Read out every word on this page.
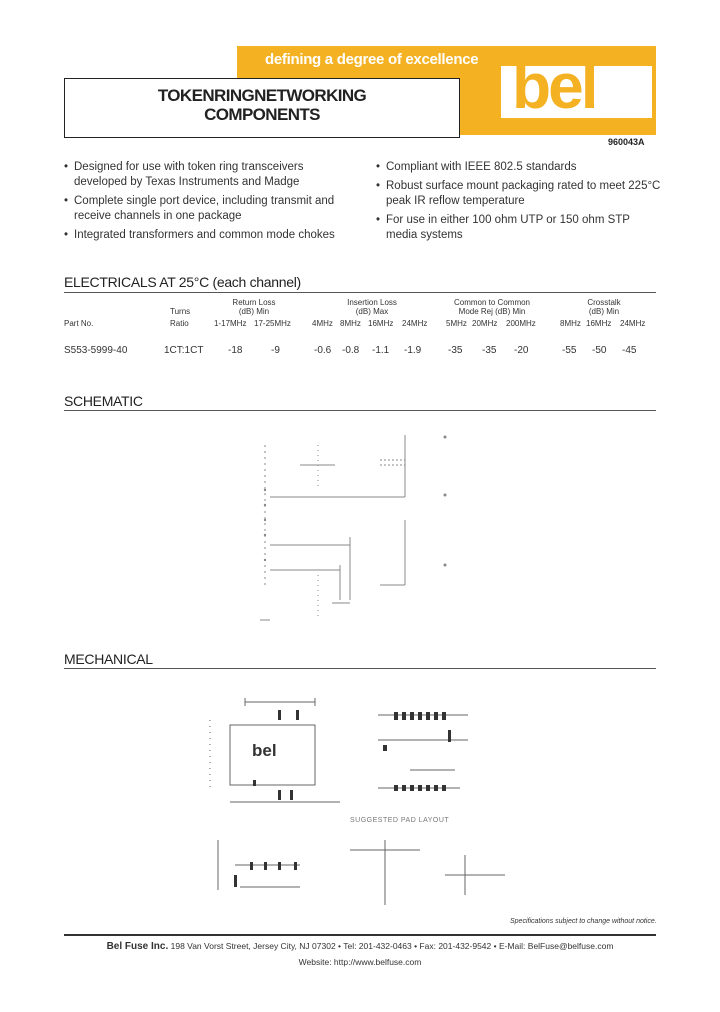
defining a degree of excellence bel
TOKENRINGNETWORKING
COMPONENTS
960043A
• Designed for use with token ring transceivers developed by Texas Instruments and Madge
• Complete single port device, including transmit and receive channels in one package
• Integrated transformers and common mode chokes
• Compliant with IEEE 802.5 standards
• Robust surface mount packaging rated to meet 225°C peak IR reflow temperature
• For use in either 100 ohm UTP or 150 ohm STP media systems
ELECTRICALS AT 25°C (each channel)
Return Loss
(dB) Min
Insertion Loss
(dB) Max
Common to Common
Mode Rej (dB) Min
Crosstalk
(dB) Min
Turns
Part No.	Ratio	1-17MHz 17-25MHz	4MHz 8MHz 16MHz 24MHz 5MHz 20MHz 200MHz	8MHz 16MHz 24MHz
S553-5999-40	1CT:1CT -18	-9	-0.6 -0.8 -1.1 -1.9	-35 -35 -20	-55 -50 -45
SCHEMATIC
MECHANICAL
bel
SUGGESTED PAD LAYOUT
Specifications subject to change without notice.
Bel Fuse Inc. 198 Van Vorst Street, Jersey City, NJ 07302 • Tel: 201-432-0463 • Fax: 201-432-9542 • E-Mail: BelFuse@belfuse.com
Website: http://www.belfuse.com
